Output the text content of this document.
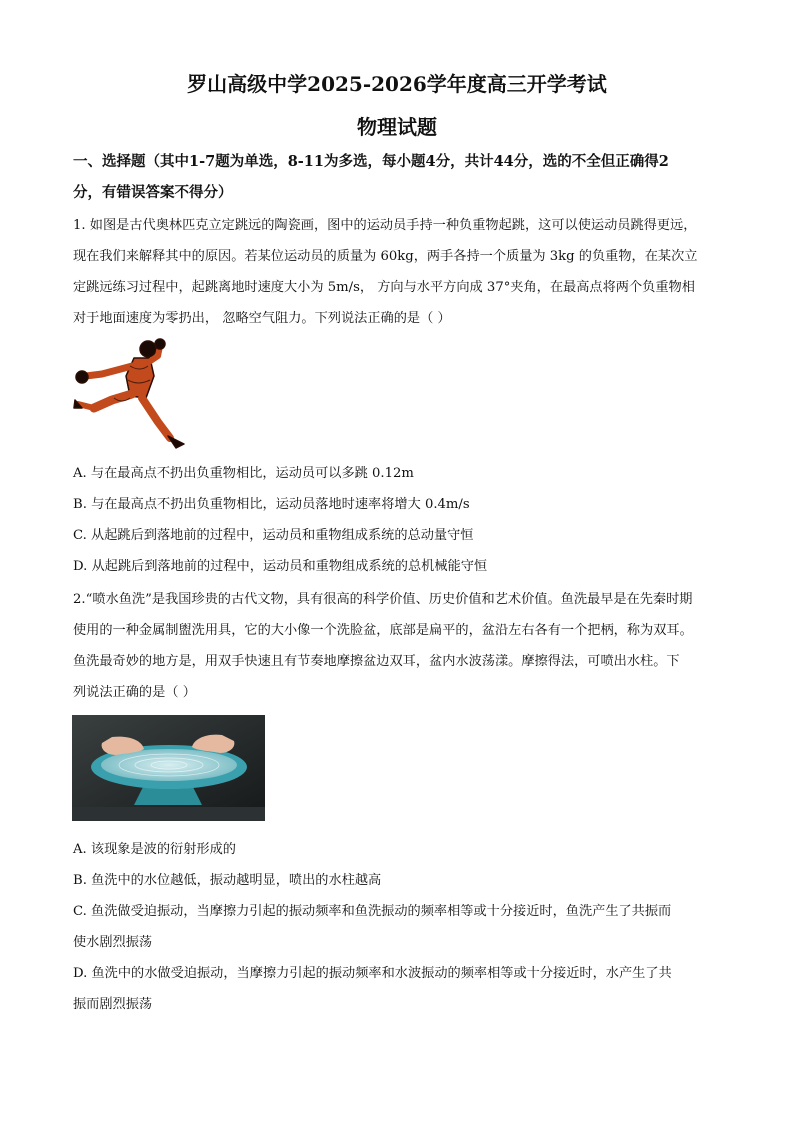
罗山高级中学2025-2026学年度高三开学考试
物理试题
一、选择题（其中1-7题为单选，8-11为多选，每小题4分，共计44分，选的不全但正确得2
分，有错误答案不得分）
1. 如图是古代奥林匹克立定跳远的陶瓷画，图中的运动员手持一种负重物起跳，这可以使运动员跳得更远，
现在我们来解释其中的原因。若某位运动员的质量为 60kg，两手各持一个质量为 3kg 的负重物，在某次立
定跳远练习过程中，起跳离地时速度大小为 5m/s， 方向与水平方向成 37°夹角，在最高点将两个负重物相
对于地面速度为零扔出， 忽略空气阻力。下列说法正确的是（ ）
A. 与在最高点不扔出负重物相比，运动员可以多跳 0.12m
B. 与在最高点不扔出负重物相比，运动员落地时速率将增大 0.4m/s
C. 从起跳后到落地前的过程中，运动员和重物组成系统的总动量守恒
D. 从起跳后到落地前的过程中，运动员和重物组成系统的总机械能守恒
2.“喷水鱼洗”是我国珍贵的古代文物，具有很高的科学价值、历史价值和艺术价值。鱼洗最早是在先秦时期
使用的一种金属制盥洗用具，它的大小像一个洗脸盆，底部是扁平的，盆沿左右各有一个把柄，称为双耳。
鱼洗最奇妙的地方是，用双手快速且有节奏地摩擦盆边双耳，盆内水波荡漾。摩擦得法，可喷出水柱。下
列说法正确的是（ ）
A. 该现象是波的衍射形成的
B. 鱼洗中的水位越低，振动越明显，喷出的水柱越高
C. 鱼洗做受迫振动，当摩擦力引起的振动频率和鱼洗振动的频率相等或十分接近时，鱼洗产生了共振而
使水剧烈振荡
D. 鱼洗中的水做受迫振动，当摩擦力引起的振动频率和水波振动的频率相等或十分接近时，水产生了共
振而剧烈振荡
